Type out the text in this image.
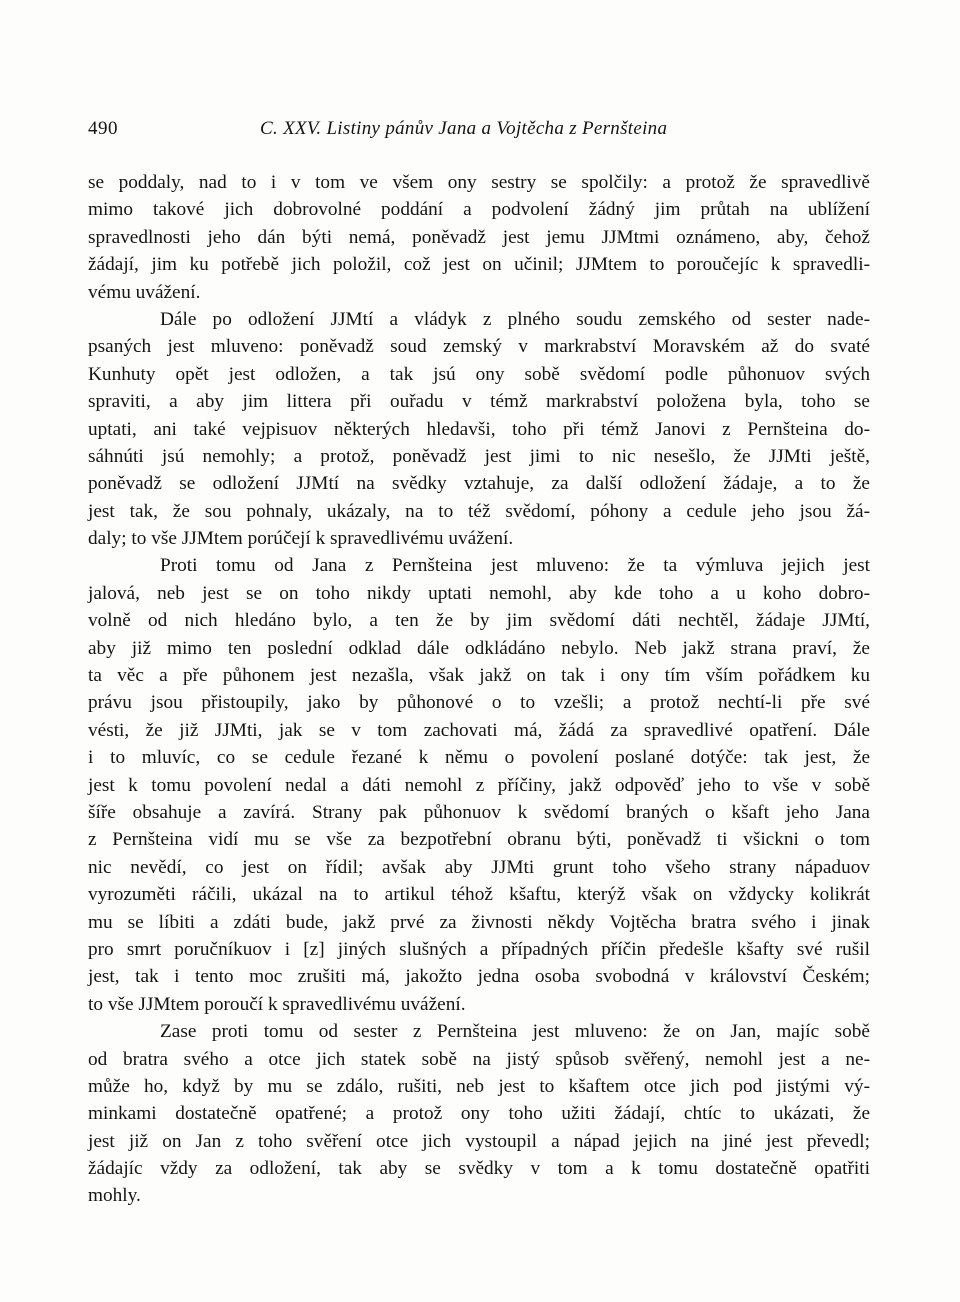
490	C. XXV. Listiny pánův Jana a Vojtěcha z Pernšteina
se poddaly, nad to i v tom ve všem ony sestry se spolčily: a protož že spravedlivě
mimo takové jich dobrovolné poddání a podvolení žádný jim průtah na ublížení
spravedlnosti jeho dán býti nemá, poněvadž jest jemu JJMtmi oznámeno, aby, čehož
žádají, jim ku potřebě jich položil, což jest on učinil; JJMtem to poroučejíc k spravedli-
vému uvážení.
Dále po odložení JJMtí a vládyk z plného soudu zemského od sester nade-
psaných jest mluveno: poněvadž soud zemský v markrabství Moravském až do svaté
Kunhuty opět jest odložen, a tak jsú ony sobě svědomí podle půhonuov svých
spraviti, a aby jim littera při ouřadu v témž markrabství položena byla, toho se
uptati, ani také vejpisuov některých hledavši, toho při témž Janovi z Pernšteina do-
sáhnúti jsú nemohly; a protož, poněvadž jest jimi to nic nesešlo, že JJMti ještě,
poněvadž se odložení JJMtí na svědky vztahuje, za další odložení žádaje, a to že
jest tak, že sou pohnaly, ukázaly, na to též svědomí, póhony a cedule jeho jsou žá-
daly; to vše JJMtem porúčejí k spravedlivému uvážení.
Proti tomu od Jana z Pernšteina jest mluveno: že ta výmluva jejich jest
jalová, neb jest se on toho nikdy uptati nemohl, aby kde toho a u koho dobro-
volně od nich hledáno bylo, a ten že by jim svědomí dáti nechtěl, žádaje JJMtí,
aby již mimo ten poslední odklad dále odkládáno nebylo. Neb jakž strana praví, že
ta věc a pře půhonem jest nezašla, však jakž on tak i ony tím vším pořádkem ku
právu jsou přistoupily, jako by půhonové o to vzešli; a protož nechtí-li pře své
vésti, že již JJMti, jak se v tom zachovati má, žádá za spravedlivé opatření. Dále
i to mluvíc, co se cedule řezané k němu o povolení poslané dotýče: tak jest, že
jest k tomu povolení nedal a dáti nemohl z příčiny, jakž odpověď jeho to vše v sobě
šíře obsahuje a zavírá. Strany pak půhonuov k svědomí braných o kšaft jeho Jana
z Pernšteina vidí mu se vše za bezpotřební obranu býti, poněvadž ti všickni o tom
nic nevědí, co jest on řídil; avšak aby JJMti grunt toho všeho strany nápaduov
vyrozuměti ráčili, ukázal na to artikul téhož kšaftu, kterýž však on vždycky kolikrát
mu se líbiti a zdáti bude, jakž prvé za živnosti někdy Vojtěcha bratra svého i jinak
pro smrt poručníkuov i [z] jiných slušných a případných příčin předešle kšafty své rušil
jest, tak i tento moc zrušiti má, jakožto jedna osoba svobodná v království Českém;
to vše JJMtem poroučí k spravedlivému uvážení.
Zase proti tomu od sester z Pernšteina jest mluveno: že on Jan, majíc sobě
od bratra svého a otce jich statek sobě na jistý spůsob svěřený, nemohl jest a ne-
může ho, když by mu se zdálo, rušiti, neb jest to kšaftem otce jich pod jistými vý-
minkami dostatečně opatřené; a protož ony toho užiti žádají, chtíc to ukázati, že
jest již on Jan z toho svěření otcе jich vystoupil a nápad jejich na jiné jest převedl;
žádajíc vždy za odložení, tak aby se svědky v tom a k tomu dostatečně opatřiti
mohly.
